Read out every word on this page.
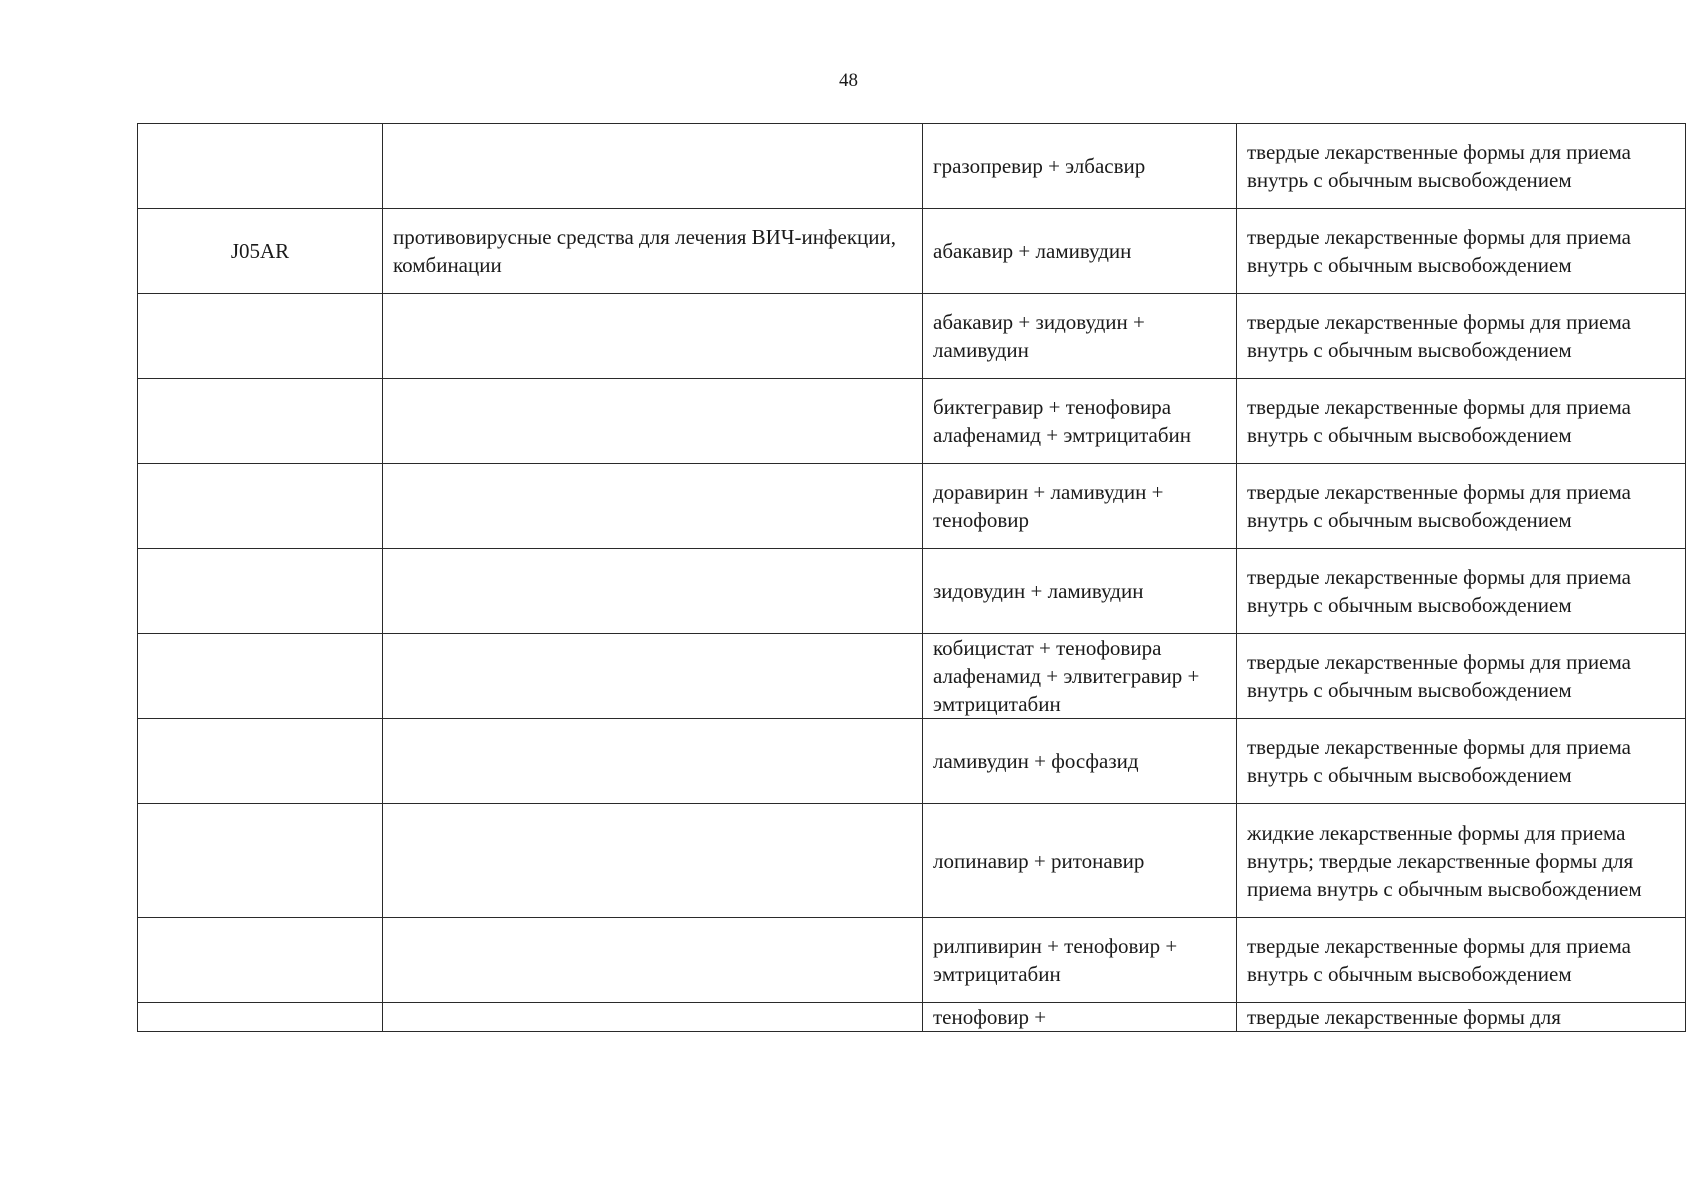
48
		гразопревир + элбасвир	твердые лекарственные формы для приема внутрь с обычным высвобождением
J05AR	противовирусные средства для лечения ВИЧ-инфекции, комбинации	абакавир + ламивудин	твердые лекарственные формы для приема внутрь с обычным высвобождением
		абакавир + зидовудин + ламивудин	твердые лекарственные формы для приема внутрь с обычным высвобождением
		биктегравир + тенофовира алафенамид + эмтрицитабин	твердые лекарственные формы для приема внутрь с обычным высвобождением
		доравирин + ламивудин + тенофовир	твердые лекарственные формы для приема внутрь с обычным высвобождением
		зидовудин + ламивудин	твердые лекарственные формы для приема внутрь с обычным высвобождением
		кобицистат + тенофовира алафенамид + элвитегравир + эмтрицитабин	твердые лекарственные формы для приема внутрь с обычным высвобождением
		ламивудин + фосфазид	твердые лекарственные формы для приема внутрь с обычным высвобождением
		лопинавир + ритонавир	жидкие лекарственные формы для приема внутрь; твердые лекарственные формы для приема внутрь с обычным высвобождением
		рилпивирин + тенофовир + эмтрицитабин	твердые лекарственные формы для приема внутрь с обычным высвобождением
		тенофовир +	твердые лекарственные формы для
